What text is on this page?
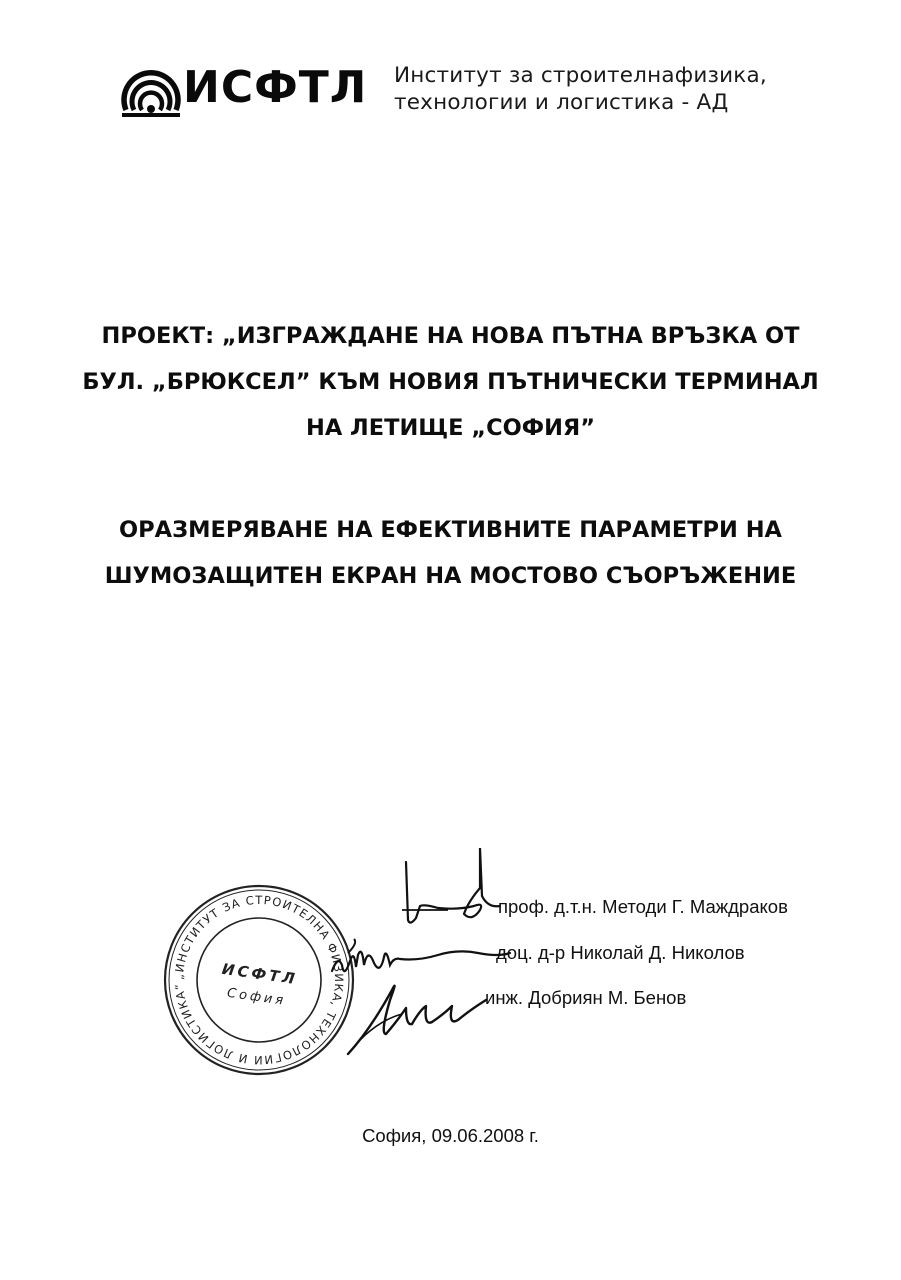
ИСФТЛ Институт за строителнафизика,
технологии и логистика - АД
ПРОЕКТ: „ИЗГРАЖДАНЕ НА НОВА ПЪТНА ВРЪЗКА ОТ
БУЛ. „БРЮКСЕЛ” КЪМ НОВИЯ ПЪТНИЧЕСКИ ТЕРМИНАЛ
НА ЛЕТИЩЕ „СОФИЯ”
ОРАЗМЕРЯВАНЕ НА ЕФЕКТИВНИТЕ ПАРАМЕТРИ НА
ШУМОЗАЩИТЕН ЕКРАН НА МОСТОВО СЪОРЪЖЕНИЕ
„ИНСТИТУТ ЗА СТРОИТЕЛНА ФИЗИКА, ТЕХНОЛОГИИ И ЛОГИСТИКА“	ИСФТЛ
София
проф. д.т.н. Методи Г. Маждраков
доц. д-р Николай Д. Николов
инж. Добриян М. Бенов
София, 09.06.2008 г.
